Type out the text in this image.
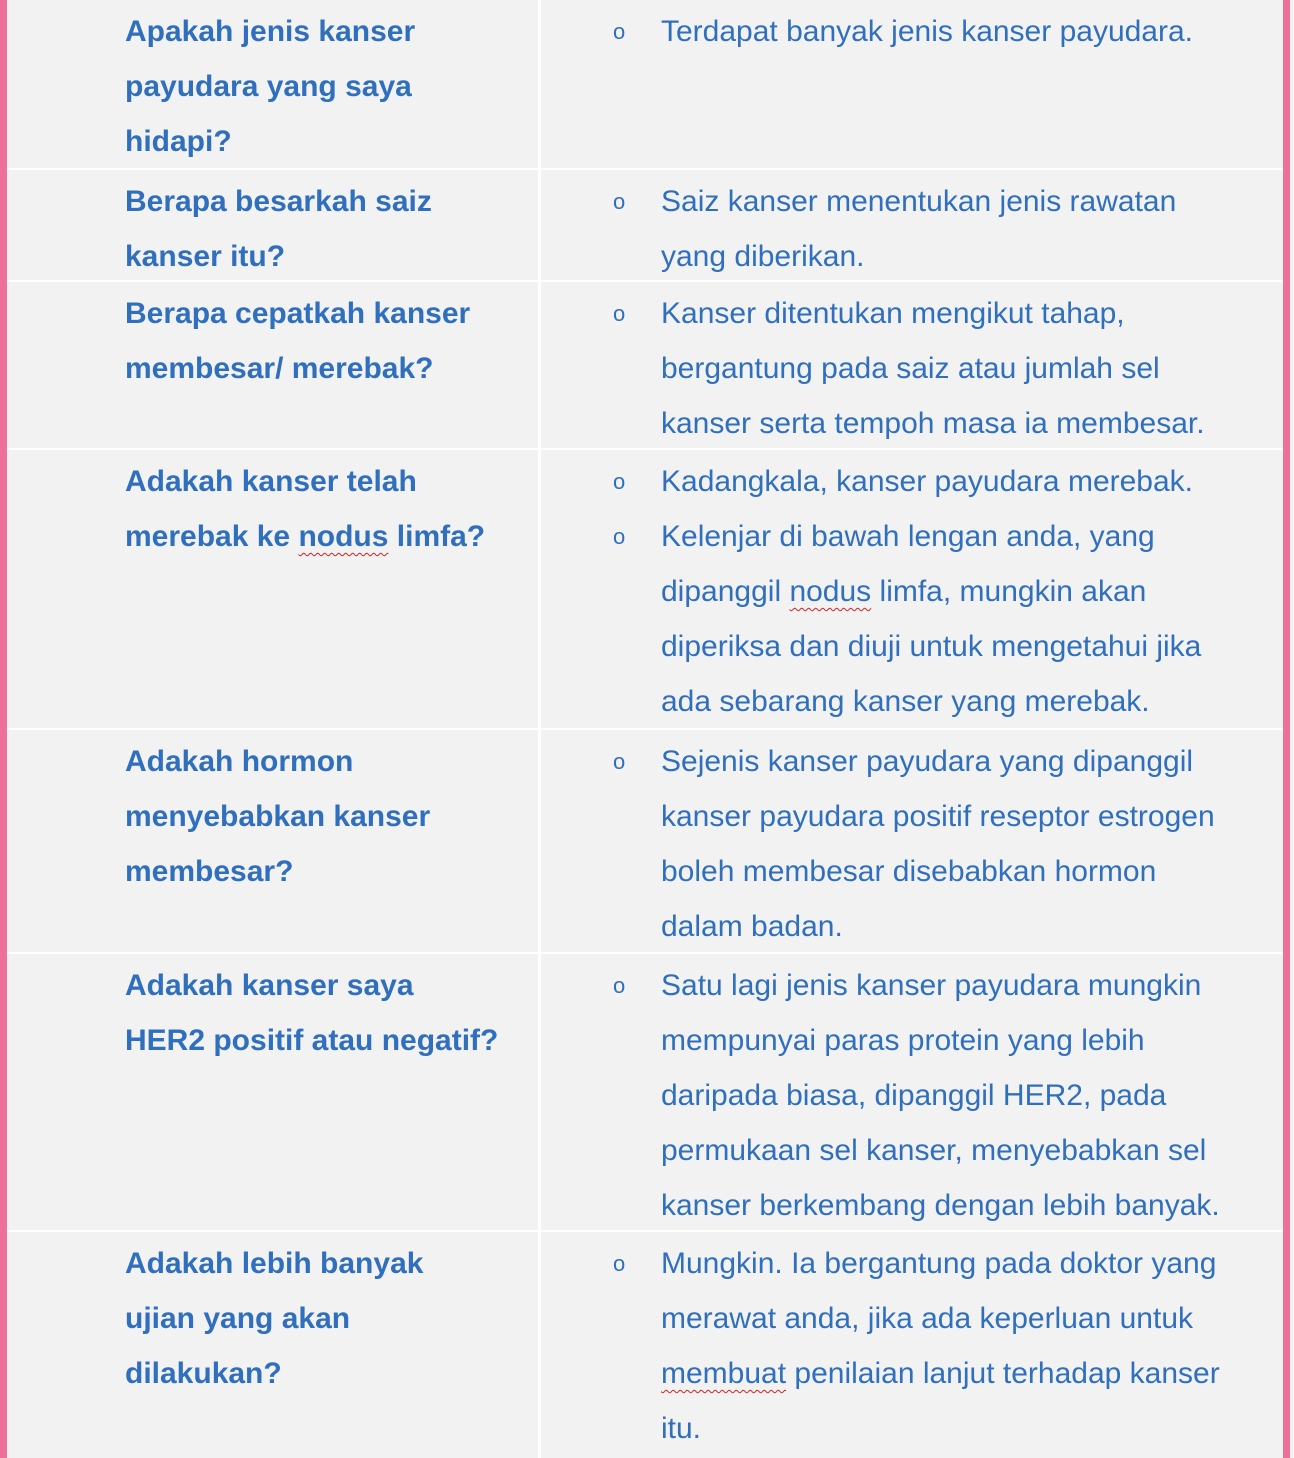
Apakah jenis kanser
payudara yang saya
hidapi?
o Terdapat banyak jenis kanser payudara.
Berapa besarkah saiz
kanser itu?
o Saiz kanser menentukan jenis rawatan
yang diberikan.
Berapa cepatkah kanser
membesar/ merebak?
o Kanser ditentukan mengikut tahap,
bergantung pada saiz atau jumlah sel
kanser serta tempoh masa ia membesar.
Adakah kanser telah
merebak ke nodus limfa?
o Kadangkala, kanser payudara merebak.
o Kelenjar di bawah lengan anda, yang
dipanggil nodus limfa, mungkin akan
diperiksa dan diuji untuk mengetahui jika
ada sebarang kanser yang merebak.
Adakah hormon
menyebabkan kanser
membesar?
o Sejenis kanser payudara yang dipanggil
kanser payudara positif reseptor estrogen
boleh membesar disebabkan hormon
dalam badan.
Adakah kanser saya
HER2 positif atau negatif?
o Satu lagi jenis kanser payudara mungkin
mempunyai paras protein yang lebih
daripada biasa, dipanggil HER2, pada
permukaan sel kanser, menyebabkan sel
kanser berkembang dengan lebih banyak.
Adakah lebih banyak
ujian yang akan
dilakukan?
o Mungkin. Ia bergantung pada doktor yang
merawat anda, jika ada keperluan untuk
membuat penilaian lanjut terhadap kanser
itu.
